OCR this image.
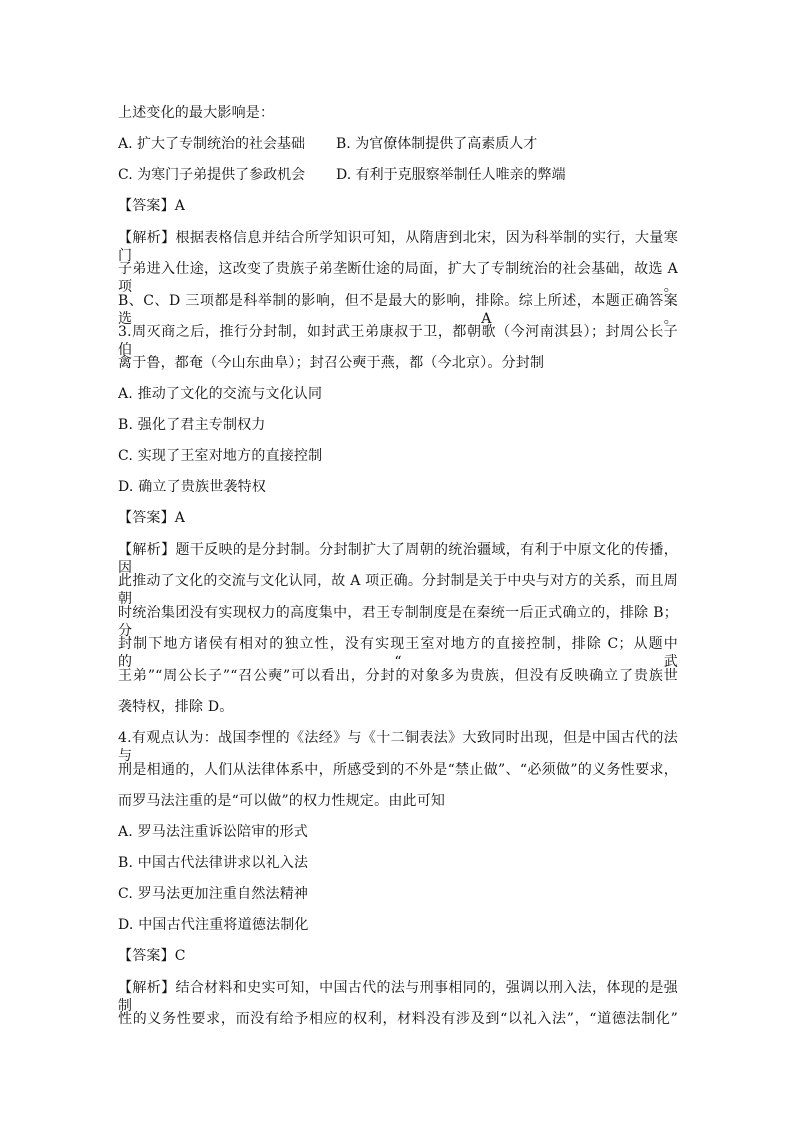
上述变化的最大影响是：
A. 扩大了专制统治的社会基础 B. 为官僚体制提供了高素质人才
C. 为寒门子弟提供了参政机会 D. 有利于克服察举制任人唯亲的弊端
【答案】A
【解析】根据表格信息并结合所学知识可知，从隋唐到北宋，因为科举制的实行，大量寒门
子弟进入仕途，这改变了贵族子弟垄断仕途的局面，扩大了专制统治的社会基础，故选 A 项。
B、C、D 三项都是科举制的影响，但不是最大的影响，排除。综上所述，本题正确答案选 A。
3.周灭商之后，推行分封制，如封武王弟康叔于卫，都朝歌（今河南淇县）；封周公长子伯
禽于鲁，都奄（今山东曲阜）；封召公奭于燕，都（今北京）。分封制
A. 推动了文化的交流与文化认同
B. 强化了君主专制权力
C. 实现了王室对地方的直接控制
D. 确立了贵族世袭特权
【答案】A
【解析】题干反映的是分封制。分封制扩大了周朝的统治疆域，有利于中原文化的传播，因
此推动了文化的交流与文化认同，故 A 项正确。分封制是关于中央与对方的关系，而且周朝
时统治集团没有实现权力的高度集中，君王专制制度是在秦统一后正式确立的，排除 B；分
封制下地方诸侯有相对的独立性，没有实现王室对地方的直接控制，排除 C；从题中的“武
王弟”“周公长子”“召公奭”可以看出，分封的对象多为贵族，但没有反映确立了贵族世
袭特权，排除 D。
4.有观点认为：战国李悝的《法经》与《十二铜表法》大致同时出现，但是中国古代的法与
刑是相通的，人们从法律体系中，所感受到的不外是“禁止做”、“必须做”的义务性要求，
而罗马法注重的是“可以做”的权力性规定。由此可知
A. 罗马法注重诉讼陪审的形式
B. 中国古代法律讲求以礼入法
C. 罗马法更加注重自然法精神
D. 中国古代注重将道德法制化
【答案】C
【解析】结合材料和史实可知，中国古代的法与刑事相同的，强调以刑入法，体现的是强制
性的义务性要求，而没有给予相应的权利，材料没有涉及到“以礼入法”，“道德法制化”
